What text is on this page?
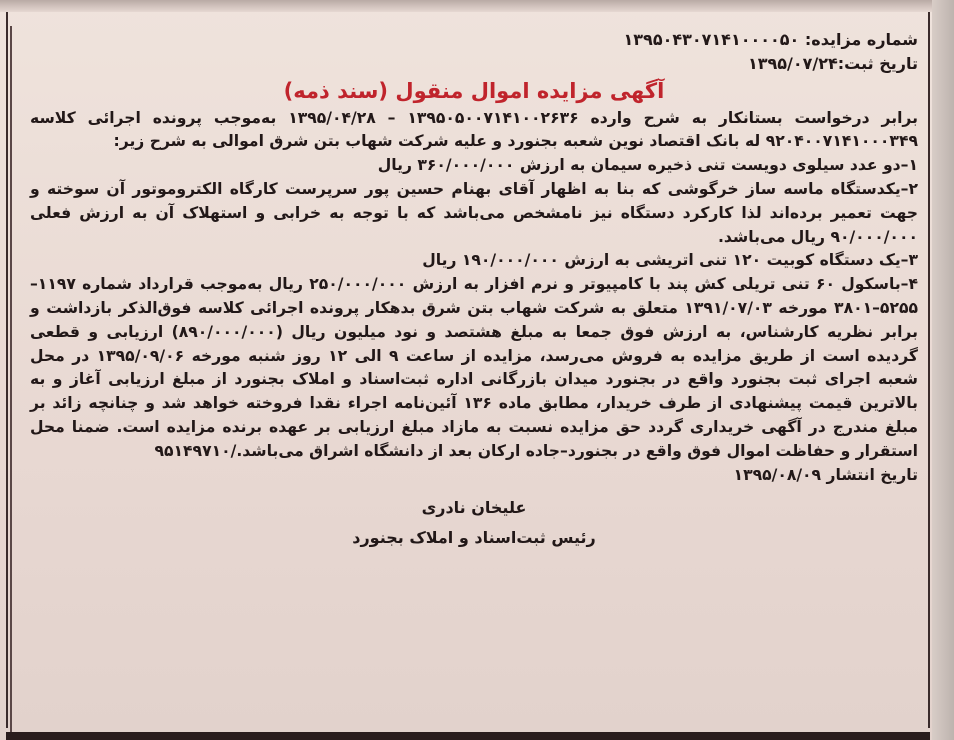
شماره مزایده: ۱۳۹۵۰۴۳۰۷۱۴۱۰۰۰۰۵۰

تاریخ ثبت:۱۳۹۵/۰۷/۲۴

آگهی مزایده اموال منقول (سند ذمه)

برابر درخواست بستانکار به شرح وارده ۱۳۹۵۰۵۰۰۷۱۴۱۰۰۲۶۳۶ – ۱۳۹۵/۰۴/۲۸ به‌موجب پرونده اجرائی کلاسه ۹۲۰۴۰۰۷۱۴۱۰۰۰۳۴۹ له بانک اقتصاد نوین شعبه بجنورد و علیه شرکت شهاب بتن شرق اموالی به شرح زیر:

۱–دو عدد سیلوی دویست تنی ذخیره سیمان به ارزش ۳۶۰/۰۰۰/۰۰۰ ریال

۲–یکدستگاه ماسه ساز خرگوشی که بنا به اظهار آقای بهنام حسین پور سرپرست کارگاه الکتروموتور آن سوخته و جهت تعمیر برده‌اند لذا کارکرد دستگاه نیز نامشخص می‌باشد که با توجه به خرابی و استهلاک آن به ارزش فعلی ۹۰/۰۰۰/۰۰۰ ریال می‌باشد.

۳–یک دستگاه کوبیت ۱۲۰ تنی اتریشی به ارزش ۱۹۰/۰۰۰/۰۰۰ ریال

۴–باسکول ۶۰ تنی تریلی کش پند با کامپیوتر و نرم افزار به ارزش ۲۵۰/۰۰۰/۰۰۰ ریال به‌موجب قرارداد شماره ۱۱۹۷–۵۲۵۵–۳۸۰۱ مورخه ۱۳۹۱/۰۷/۰۳ متعلق به شرکت شهاب بتن شرق بدهکار پرونده اجرائی کلاسه فوق‌الذکر بازداشت و برابر نظریه کارشناس، به ارزش فوق جمعا به مبلغ هشتصد و نود میلیون ریال (۸۹۰/۰۰۰/۰۰۰) ارزیابی و قطعی گردیده است از طریق مزایده به فروش می‌رسد، مزایده از ساعت ۹ الی ۱۲ روز شنبه مورخه ۱۳۹۵/۰۹/۰۶ در محل شعبه اجرای ثبت بجنورد واقع در بجنورد میدان بازرگانی اداره ثبت‌اسناد و املاک بجنورد از مبلغ ارزیابی آغاز و به بالاترین قیمت پیشنهادی از طرف خریدار، مطابق ماده ۱۳۶ آئین‌نامه اجراء نقدا فروخته خواهد شد و چنانچه زائد بر مبلغ مندرج در آگهی خریداری گردد حق مزایده نسبت به مازاد مبلغ ارزیابی بر عهده برنده مزایده است. ضمنا محل استقرار و حفاظت اموال فوق واقع در بجنورد–جاده ارکان بعد از دانشگاه اشراق می‌باشد./۹۵۱۴۹۷۱۰

تاریخ انتشار ۱۳۹۵/۰۸/۰۹

علیخان نادری

رئیس ثبت‌اسناد و املاک بجنورد
